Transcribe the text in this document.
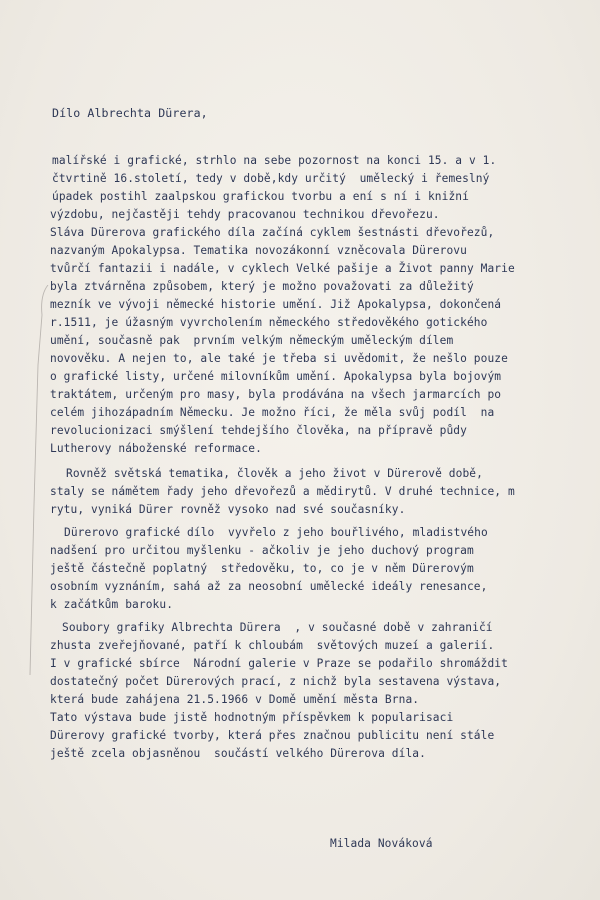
Dílo Albrechta Dürera,
malířské i grafické, strhlo na sebe pozornost na konci 15. a v 1.
čtvrtině 16.století, tedy v době,kdy určitý  umělecký i řemeslný
úpadek postihl zaalpskou grafickou tvorbu a ení s ní i knižní
výzdobu, nejčastěji tehdy pracovanou technikou dřevořezu.
Sláva Dürerova grafického díla začíná cyklem šestnásti dřevořezů,
nazvaným Apokalypsa. Tematika novozákonní vzněcovala Dürerovu
tvůrčí fantazii i nadále, v cyklech Velké pašije a Život panny Marie
byla ztvárněna způsobem, který je možno považovati za důležitý
mezník ve vývoji německé historie umění. Již Apokalypsa, dokončená
r.1511, je úžasným vyvrcholením německého středověkého gotického
umění, současně pak  prvním velkým německým uměleckým dílem
novověku. A nejen to, ale také je třeba si uvědomit, že nešlo pouze
o grafické listy, určené milovníkům umění. Apokalypsa byla bojovým
traktátem, určeným pro masy, byla prodávána na všech jarmarcích po
celém jihozápadním Německu. Je možno říci, že měla svůj podíl  na
revolucionizaci smýšlení tehdejšího člověka, na přípravě půdy
Lutherovy náboženské reformace.
Rovněž světská tematika, člověk a jeho život v Dürerově době,
staly se námětem řady jeho dřevořezů a mědirytů. V druhé technice, m
rytu, vyniká Dürer rovněž vysoko nad své současníky.
Dürerovo grafické dílo  vyvřelo z jeho bouřlivého, mladistvého
nadšení pro určitou myšlenku - ačkoliv je jeho duchový program
ještě částečně poplatný  středověku, to, co je v něm Dürerovým
osobním vyznáním, sahá až za neosobní umělecké ideály renesance,
k začátkům baroku.
Soubory grafiky Albrechta Dürera  , v současné době v zahraničí
zhusta zveřejňované, patří k chloubám  světových muzeí a galerií.
I v grafické sbírce  Národní galerie v Praze se podařilo shromáždit
dostatečný počet Dürerových prací, z nichž byla sestavena výstava,
která bude zahájena 21.5.1966 v Domě umění města Brna.
Tato výstava bude jistě hodnotným příspěvkem k popularisaci
Dürerovy grafické tvorby, která přes značnou publicitu není stále
ještě zcela objasněnou  součástí velkého Dürerova díla.
Milada Nováková
